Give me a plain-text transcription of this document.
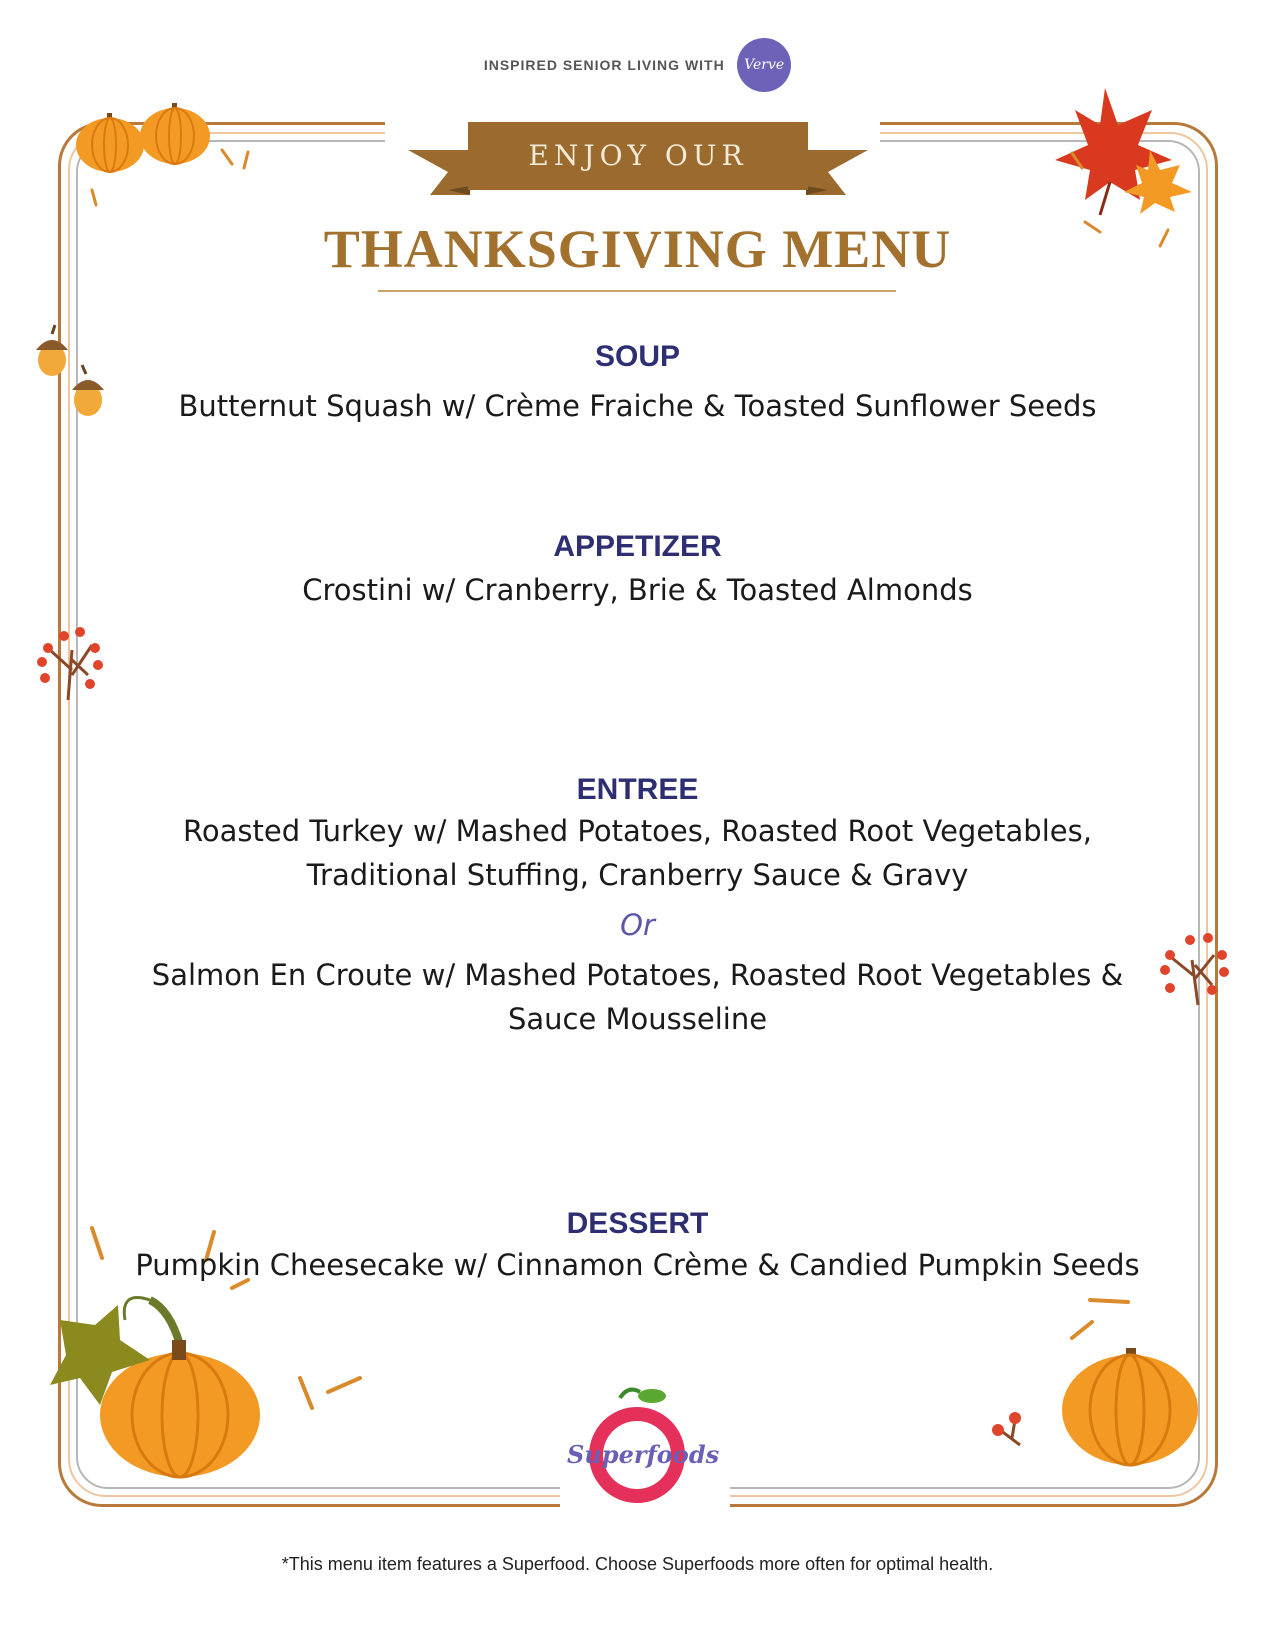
INSPIRED SENIOR LIVING WITH Verve
ENJOY OUR
THANKSGIVING MENU
Superfoods
SOUP
Butternut Squash w/ Crème Fraiche & Toasted Sunflower Seeds
APPETIZER
Crostini w/ Cranberry, Brie & Toasted Almonds
ENTREE
Roasted Turkey w/ Mashed Potatoes, Roasted Root Vegetables,
Traditional Stuffing, Cranberry Sauce & Gravy
Or
Salmon En Croute w/ Mashed Potatoes, Roasted Root Vegetables &
Sauce Mousseline
DESSERT
Pumpkin Cheesecake w/ Cinnamon Crème & Candied Pumpkin Seeds
*This menu item features a Superfood. Choose Superfoods more often for optimal health.
